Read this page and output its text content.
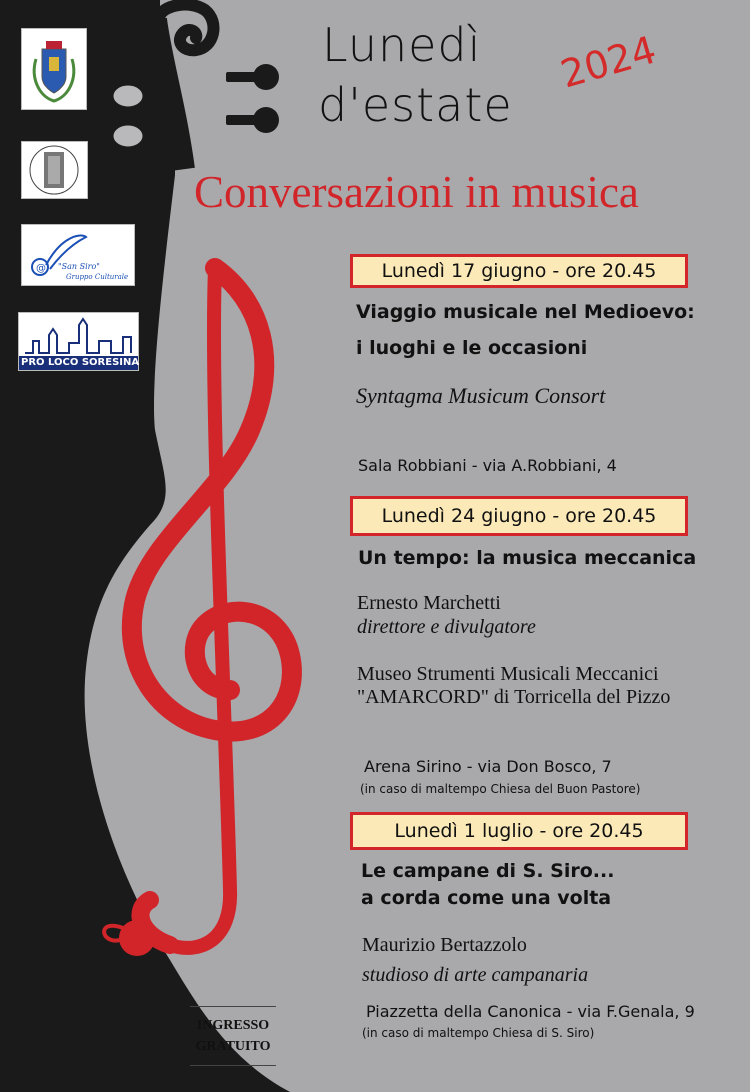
@ "San Siro"
Gruppo Culturale
PRO LOCO SORESINA
Lunedì
d'estate
2024
Conversazioni in musica
Lunedì 17 giugno - ore 20.45
Viaggio musicale nel Medioevo:
i luoghi e le occasioni
Syntagma Musicum Consort
Sala Robbiani - via A.Robbiani, 4
Lunedì 24 giugno - ore 20.45
Un tempo: la musica meccanica
Ernesto Marchetti
direttore e divulgatore
Museo Strumenti Musicali Meccanici
"AMARCORD" di Torricella del Pizzo
Arena Sirino - via Don Bosco, 7
(in caso di maltempo Chiesa del Buon Pastore)
Lunedì 1 luglio - ore 20.45
Le campane di S. Siro...
a corda come una volta
Maurizio Bertazzolo
studioso di arte campanaria
Piazzetta della Canonica - via F.Genala, 9
(in caso di maltempo Chiesa di S. Siro)
INGRESSO
GRATUITO
